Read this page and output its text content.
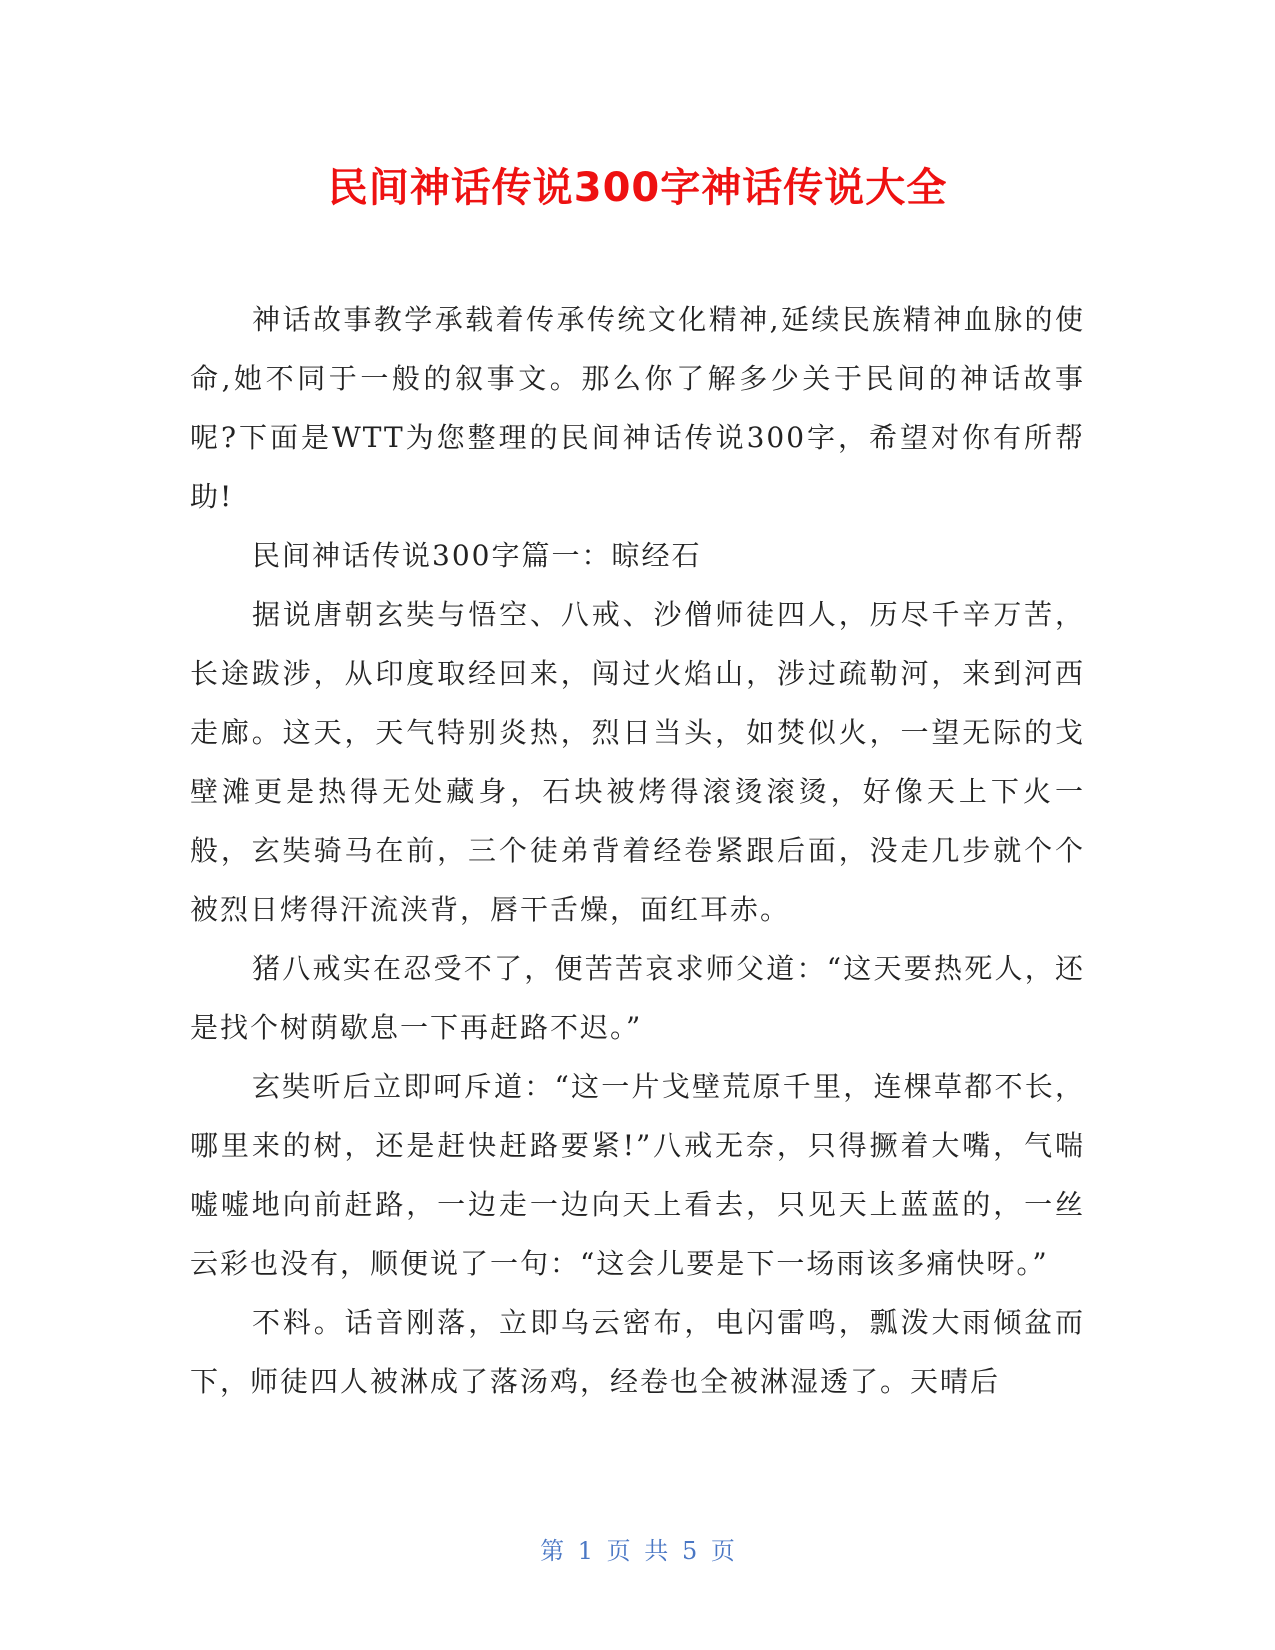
民间神话传说300字神话传说大全

神话故事教学承载着传承传统文化精神,延续民族精神血脉的使命,她不同于一般的叙事文。那么你了解多少关于民间的神话故事呢?下面是WTT为您整理的民间神话传说300字，希望对你有所帮助!

民间神话传说300字篇一：晾经石

据说唐朝玄奘与悟空、八戒、沙僧师徒四人，历尽千辛万苦，长途跋涉，从印度取经回来，闯过火焰山，涉过疏勒河，来到河西走廊。这天，天气特别炎热，烈日当头，如焚似火，一望无际的戈壁滩更是热得无处藏身，石块被烤得滚烫滚烫，好像天上下火一般，玄奘骑马在前，三个徒弟背着经卷紧跟后面，没走几步就个个被烈日烤得汗流浃背，唇干舌燥，面红耳赤。

猪八戒实在忍受不了，便苦苦哀求师父道：“这天要热死人，还是找个树荫歇息一下再赶路不迟。”

玄奘听后立即呵斥道：“这一片戈壁荒原千里，连棵草都不长，哪里来的树，还是赶快赶路要紧!”八戒无奈，只得撅着大嘴，气喘嘘嘘地向前赶路，一边走一边向天上看去，只见天上蓝蓝的，一丝云彩也没有，顺便说了一句：“这会儿要是下一场雨该多痛快呀。”

不料。话音刚落，立即乌云密布，电闪雷鸣，瓢泼大雨倾盆而下，师徒四人被淋成了落汤鸡，经卷也全被淋湿透了。天晴后

第 1 页 共 5 页
